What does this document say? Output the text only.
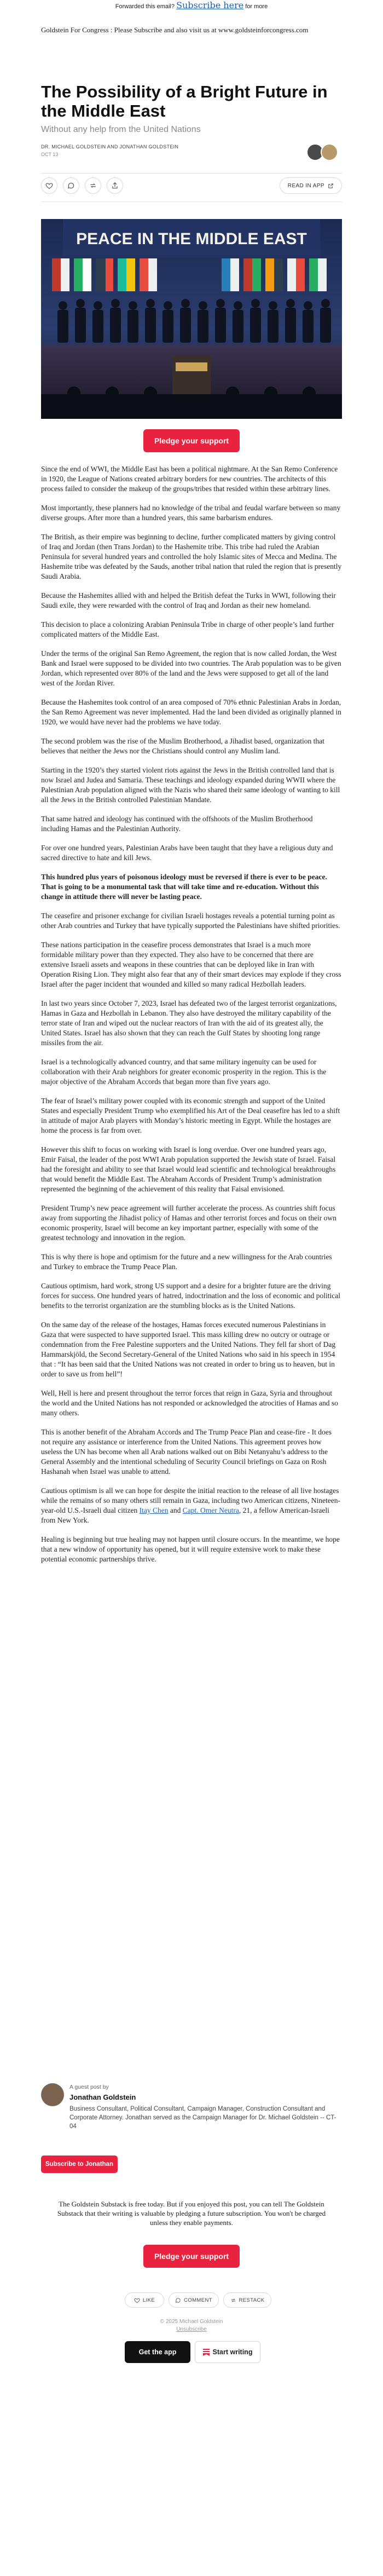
Forwarded this email? Subscribe here for more
Goldstein For Congress : Please Subscribe and also visit us at www.goldsteinforcongress.com
The Possibility of a Bright Future in the Middle East
Without any help from the United Nations
DR. MICHAEL GOLDSTEIN AND JONATHAN GOLDSTEIN
OCT 13
READ IN APP
PEACE IN THE MIDDLE EAST
Pledge your support

Since the end of WWI, the Middle East has been a political nightmare. At the San Remo Conference in 1920, the League of Nations created arbitrary borders for new countries. The architects of this process failed to consider the makeup of the groups/tribes that resided within these arbitrary lines.

Most importantly, these planners had no knowledge of the tribal and feudal warfare between so many diverse groups. After more than a hundred years, this same barbarism endures.

The British, as their empire was beginning to decline, further complicated matters by giving control of Iraq and Jordan (then Trans Jordan) to the Hashemite tribe. This tribe had ruled the Arabian Peninsula for several hundred years and controlled the holy Islamic sites of Mecca and Medina. The Hashemite tribe was defeated by the Sauds, another tribal nation that ruled the region that is presently Saudi Arabia.

Because the Hashemites allied with and helped the British defeat the Turks in WWI, following their Saudi exile, they were rewarded with the control of Iraq and Jordan as their new homeland.

This decision to place a colonizing Arabian Peninsula Tribe in charge of other people’s land further complicated matters of the Middle East.

Under the terms of the original San Remo Agreement, the region that is now called Jordan, the West Bank and Israel were supposed to be divided into two countries. The Arab population was to be given Jordan, which represented over 80% of the land and the Jews were supposed to get all of the land west of the Jordan River.

Because the Hashemites took control of an area composed of 70% ethnic Palestinian Arabs in Jordan, the San Remo Agreement was never implemented. Had the land been divided as originally planned in 1920, we would have never had the problems we have today.

The second problem was the rise of the Muslim Brotherhood, a Jihadist based, organization that believes that neither the Jews nor the Christians should control any Muslim land.

Starting in the 1920’s they started violent riots against the Jews in the British controlled land that is now Israel and Judea and Samaria. These teachings and ideology expanded during WWII where the Palestinian Arab population aligned with the Nazis who shared their same ideology of wanting to kill all the Jews in the British controlled Palestinian Mandate.

That same hatred and ideology has continued with the offshoots of the Muslim Brotherhood including Hamas and the Palestinian Authority.

For over one hundred years, Palestinian Arabs have been taught that they have a religious duty and sacred directive to hate and kill Jews.

This hundred plus years of poisonous ideology must be reversed if there is ever to be peace. That is going to be a monumental task that will take time and re-education. Without this change in attitude there will never be lasting peace.

The ceasefire and prisoner exchange for civilian Israeli hostages reveals a potential turning point as other Arab countries and Turkey that have typically supported the Palestinians have shifted priorities.

These nations participation in the ceasefire process demonstrates that Israel is a much more formidable military power than they expected. They also have to be concerned that there are extensive Israeli assets and weapons in these countries that can be deployed like in Iran with Operation Rising Lion. They might also fear that any of their smart devices may explode if they cross Israel after the pager incident that wounded and killed so many radical Hezbollah leaders.

In last two years since October 7, 2023, Israel has defeated two of the largest terrorist organizations, Hamas in Gaza and Hezbollah in Lebanon. They also have destroyed the military capability of the terror state of Iran and wiped out the nuclear reactors of Iran with the aid of its greatest ally, the United States. Israel has also shown that they can reach the Gulf States by shooting long range missiles from the air.

Israel is a technologically advanced country, and that same military ingenuity can be used for collaboration with their Arab neighbors for greater economic prosperity in the region. This is the major objective of the Abraham Accords that began more than five years ago.

The fear of Israel’s military power coupled with its economic strength and support of the United States and especially President Trump who exemplified his Art of the Deal ceasefire has led to a shift in attitude of major Arab players with Monday’s historic meeting in Egypt. While the hostages are home the process is far from over.

However this shift to focus on working with Israel is long overdue. Over one hundred years ago, Emir Faisal, the leader of the post WWI Arab population supported the Jewish state of Israel. Faisal had the foresight and ability to see that Israel would lead scientific and technological breakthroughs that would benefit the Middle East. The Abraham Accords of President Trump’s administration represented the beginning of the achievement of this reality that Faisal envisioned.

President Trump’s new peace agreement will further accelerate the process. As countries shift focus away from supporting the Jihadist policy of Hamas and other terrorist forces and focus on their own economic prosperity, Israel will become an key important partner, especially with some of the greatest technology and innovation in the region.

This is why there is hope and optimism for the future and a new willingness for the Arab countries and Turkey to embrace the Trump Peace Plan.

Cautious optimism, hard work, strong US support and a desire for a brighter future are the driving forces for success. One hundred years of hatred, indoctrination and the loss of economic and political benefits to the terrorist organization are the stumbling blocks as is the United Nations.

On the same day of the release of the hostages, Hamas forces executed numerous Palestinians in Gaza that were suspected to have supported Israel. This mass killing drew no outcry or outrage or condemnation from the Free Palestine supporters and the United Nations. They fell far short of Dag Hammarskjöld, the Second Secretary-General of the United Nations who said in his speech in 1954 that : “It has been said that the United Nations was not created in order to bring us to heaven, but in order to save us from hell”!

Well, Hell is here and present throughout the terror forces that reign in Gaza, Syria and throughout the world and the United Nations has not responded or acknowledged the atrocities of Hamas and so many others.

This is another benefit of the Abraham Accords and The Trump Peace Plan and cease-fire - It does not require any assistance or interference from the United Nations. This agreement proves how useless the UN has become when all Arab nations walked out on Bibi Netanyahu’s address to the General Assembly and the intentional scheduling of Security Council briefings on Gaza on Rosh Hashanah when Israel was unable to attend.

Cautious optimism is all we can hope for despite the initial reaction to the release of all live hostages while the remains of so many others still remain in Gaza, including two American citizens, Nineteen-year-old U.S.-Israeli dual citizen Itay Chen and Capt. Omer Neutra, 21, a fellow American-Israeli from New York.

Healing is beginning but true healing may not happen until closure occurs. In the meantime, we hope that a new window of opportunity has opened, but it will require extensive work to make these potential economic partnerships thrive.

A guest post by
Jonathan Goldstein
Business Consultant, Political Consultant, Campaign Manager, Construction Consultant and Corporate Attorney. Jonathan served as the Campaign Manager for Dr. Michael Goldstein -- CT-04
Subscribe to Jonathan
The Goldstein Substack is free today. But if you enjoyed this post, you can tell The Goldstein Substack that their writing is valuable by pledging a future subscription. You won't be charged unless they enable payments.
Pledge your support
LIKE	COMMENT	RESTACK
© 2025 Michael Goldstein
Unsubscribe
Get the app	Start writing
